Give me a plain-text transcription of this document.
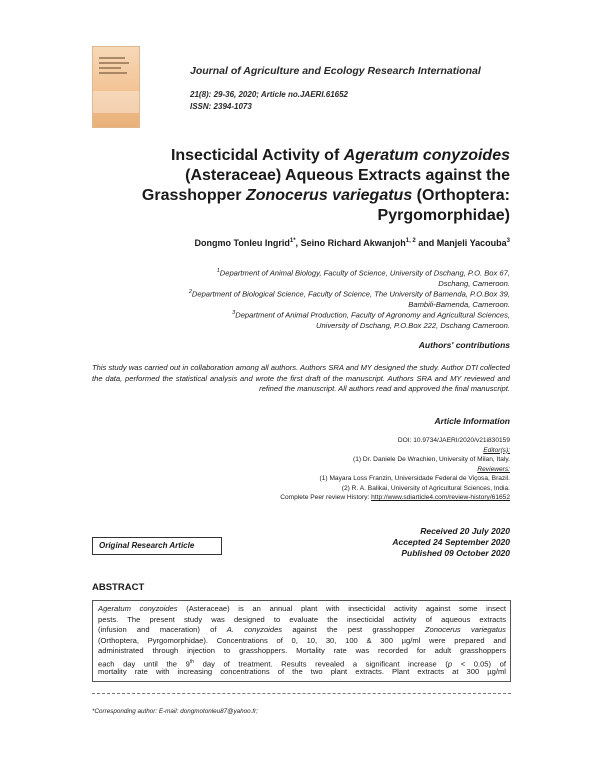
Journal of Agriculture and Ecology Research International
21(8): 29-36, 2020; Article no.JAERI.61652
ISSN: 2394-1073
Insecticidal Activity of Ageratum conyzoides
(Asteraceae) Aqueous Extracts against the
Grasshopper Zonocerus variegatus (Orthoptera:
Pyrgomorphidae)
Dongmo Tonleu Ingrid$^{1*}$, Seino Richard Akwanjoh$^{1, 2}$ and Manjeli Yacouba$^3$
$^1$Department of Animal Biology, Faculty of Science, University of Dschang, P.O. Box 67,
Dschang, Cameroon.
$^2$Department of Biological Science, Faculty of Science, The University of Bamenda, P.O.Box 39,
Bambili-Bamenda, Cameroon.
$^3$Department of Animal Production, Faculty of Agronomy and Agricultural Sciences,
University of Dschang, P.O.Box 222, Dschang Cameroon.
Authors' contributions
This study was carried out in collaboration among all authors. Authors SRA and MY designed the study. Author DTI collected the data, performed the statistical analysis and wrote the first draft of the manuscript. Authors SRA and MY reviewed and refined the manuscript. All authors read and approved the final manuscript.
Article Information
DOI: 10.9734/JAERI/2020/v21i830159
Editor(s):
(1) Dr. Daniele De Wrachien, University of Milan, Italy.
Reviewers:
(1) Mayara Loss Franzin, Universidade Federal de Viçosa, Brazil.
(2) R. A. Balikai, University of Agricultural Sciences, India.
Complete Peer review History: http://www.sdiarticle4.com/review-history/61652
Original Research Article
Received 20 July 2020
Accepted 24 September 2020
Published 09 October 2020
ABSTRACT
Ageratum conyzoides (Asteraceae) is an annual plant with insecticidal activity against some insect
pests. The present study was designed to evaluate the insecticidal activity of aqueous extracts
(infusion and maceration) of A. conyzoides against the pest grasshopper Zonocerus variegatus
(Orthoptera, Pyrgomorphidae). Concentrations of 0, 10, 30, 100 & 300 µg/ml were prepared and
administrated through injection to grasshoppers. Mortality rate was recorded for adult grasshoppers
each day until the 9th day of treatment. Results revealed a significant increase (p < 0.05) of
mortality rate with increasing concentrations of the two plant extracts. Plant extracts at 300 µg/ml
*Corresponding author: E-mail: dongmotonleu87@yahoo.fr;
